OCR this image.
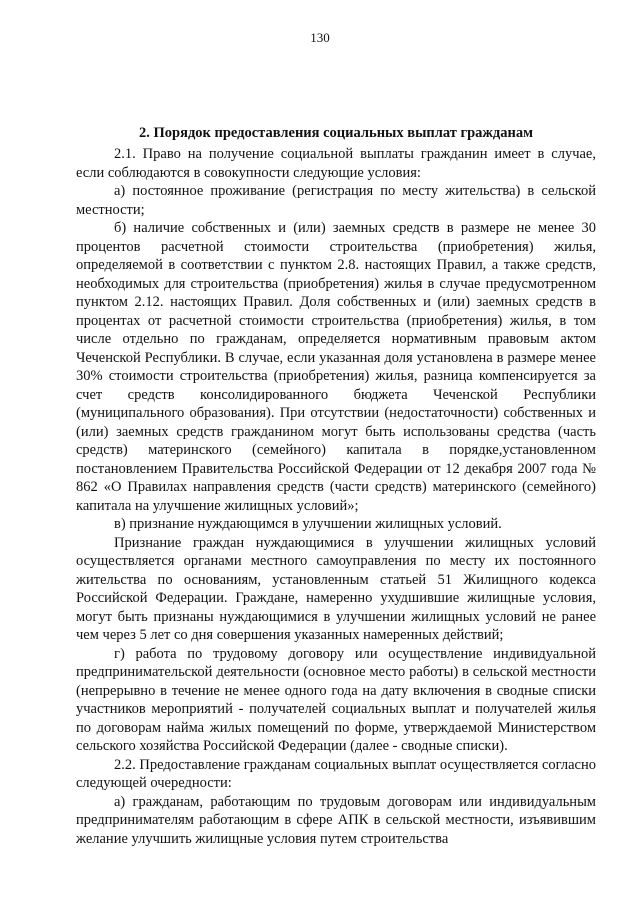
130
2. Порядок предоставления социальных выплат гражданам

2.1. Право на получение социальной выплаты гражданин имеет в случае, если соблюдаются в совокупности следующие условия:

а) постоянное проживание (регистрация по месту жительства) в сельской местности;

б) наличие собственных и (или) заемных средств в размере не менее 30 процентов расчетной стоимости строительства (приобретения) жилья, определяемой в соответствии с пунктом 2.8. настоящих Правил, а также средств, необходимых для строительства (приобретения) жилья в случае предусмотренном пунктом 2.12. настоящих Правил. Доля собственных и (или) заемных средств в процентах от расчетной стоимости строительства (приобретения) жилья, в том числе отдельно по гражданам, определяется нормативным правовым актом Чеченской Республики. В случае, если указанная доля установлена в размере менее 30% стоимости строительства (приобретения) жилья, разница компенсируется за счет средств консолидированного бюджета Чеченской Республики (муниципального образования). При отсутствии (недостаточности) собственных и (или) заемных средств гражданином могут быть использованы средства (часть средств) материнского (семейного) капитала в порядке,установленном постановлением Правительства Российской Федерации от 12 декабря 2007 года № 862 «О Правилах направления средств (части средств) материнского (семейного) капитала на улучшение жилищных условий»;

в) признание нуждающимся в улучшении жилищных условий.

Признание граждан нуждающимися в улучшении жилищных условий осуществляется органами местного самоуправления по месту их постоянного жительства по основаниям, установленным статьей 51 Жилищного кодекса Российской Федерации. Граждане, намеренно ухудшившие жилищные условия, могут быть признаны нуждающимися в улучшении жилищных условий не ранее чем через 5 лет со дня совершения указанных намеренных действий;

г) работа по трудовому договору или осуществление индивидуальной предпринимательской деятельности (основное место работы) в сельской местности (непрерывно в течение не менее одного года на дату включения в сводные списки участников мероприятий - получателей социальных выплат и получателей жилья по договорам найма жилых помещений по форме, утверждаемой Министерством сельского хозяйства Российской Федерации (далее - сводные списки).

2.2. Предоставление гражданам социальных выплат осуществляется согласно следующей очередности:

а) гражданам, работающим по трудовым договорам или индивидуальным предпринимателям работающим в сфере АПК в сельской местности, изъявившим желание улучшить жилищные условия путем строительства
